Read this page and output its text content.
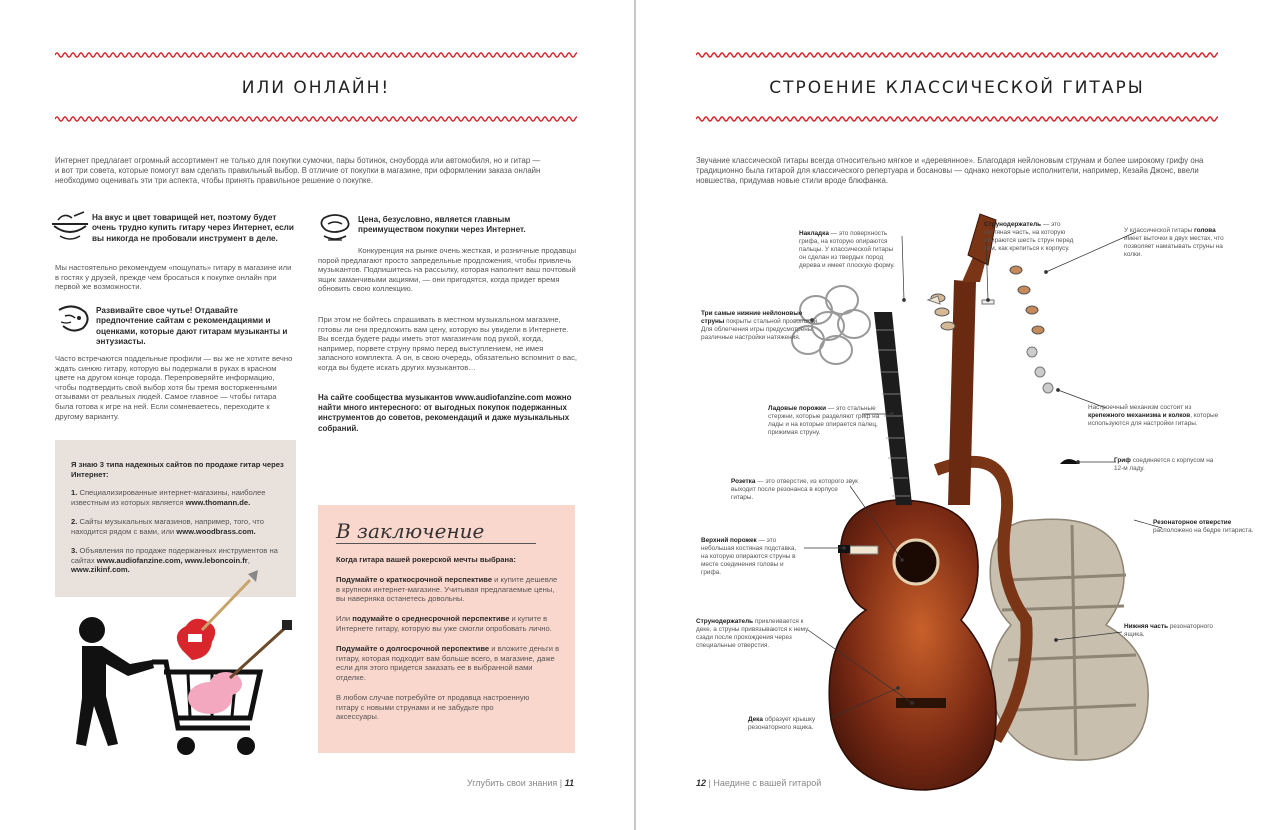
ИЛИ ОНЛАЙН!
Интернет предлагает огромный ассортимент не только для покупки сумочки, пары ботинок, сноуборда или автомобиля, но и гитар — и вот три совета, которые помогут вам сделать правильный выбор. В отличие от покупки в магазине, при оформлении заказа онлайн необходимо оценивать эти три аспекта, чтобы принять правильное решение о покупке.
На вкус и цвет товарищей нет, поэтому будет очень трудно купить гитару через Интернет, если вы никогда не пробовали инструмент в деле.
Мы настоятельно рекомендуем «пощупать» гитару в магазине или в гостях у друзей, прежде чем бросаться к покупке онлайн при первой же возможности.
Развивайте свое чутье! Отдавайте предпочтение сайтам с рекомендациями и оценками, которые дают гитарам музыканты и энтузиасты.
Часто встречаются поддельные профили — вы же не хотите вечно ждать синюю гитару, которую вы подержали в руках в красном цвете на другом конце города. Перепроверяйте информацию, чтобы подтвердить свой выбор хотя бы тремя восторженными отзывами от реальных людей. Самое главное — чтобы гитара была готова к игре на ней. Если сомневаетесь, переходите к другому варианту.
Цена, безусловно, является главным преимуществом покупки через Интернет.
Конкуренция на рынке очень жесткая, и розничные продавцы порой предлагают просто запредельные продложения, чтобы привлечь музыкантов. Подпишитесь на рассылку, которая наполнит ваш почтовый ящик заманчивыми акциями, — они пригодятся, когда придет время обновить свою коллекцию.
При этом не бойтесь спрашивать в местном музыкальном магазине, готовы ли они предложить вам цену, которую вы увидели в Интернете. Вы всегда будете рады иметь этот магазинчик под рукой, когда, например, порвете струну прямо перед выступлением, не имея запасного комплекта. А он, в свою очередь, обязательно вспомнит о вас, когда вы будете искать других музыкантов…
На сайте сообщества музыкантов www.audiofanzine.com можно найти много интересного: от выгодных покупок подержанных инструментов до советов, рекомендаций и даже музыкальных собраний.
Я знаю 3 типа надежных сайтов по продаже гитар через Интернет:
1. Специализированные интернет-магазины, наиболее известным из которых является www.thomann.de.
2. Сайты музыкальных магазинов, например, того, что находится рядом с вами, или www.woodbrass.com.
3. Объявления по продаже подержанных инструментов на сайтах www.audiofanzine.com, www.leboncoin.fr, www.zikinf.com.
В заключение
Когда гитара вашей рокерской мечты выбрана:
Подумайте о краткосрочной перспективе и купите дешевле в крупном интернет-магазине. Учитывая предлагаемые цены, вы наверняка останетесь довольны.
Или подумайте о среднесрочной перспективе и купите в Интернете гитару, которую вы уже смогли опробовать лично.
Подумайте о долгосрочной перспективе и вложите деньги в гитару, которая подходит вам больше всего, в магазине, даже если для этого придется заказать ее в выбранной вами отделке.
В любом случае потребуйте от продавца настроенную гитару с новыми струнами и не забудьте про аксессуары.
Углубить свои знания | 11
СТРОЕНИЕ КЛАССИЧЕСКОЙ ГИТАРЫ
Звучание классической гитары всегда относительно мягкое и «деревянное». Благодаря нейлоновым струнам и более широкому грифу она традиционно была гитарой для классического репертуара и босановы — однако некоторые исполнители, например, Кезайа Джонс, ввели новшества, придумав новые стили вроде блюфанка.
Накладка — это поверхность грифа, на которую опираются пальцы. У классической гитары он сделан из твердых пород дерева и имеет плоскую форму.
Струнодержатель — это костяная часть, на которую опираются шесть струн перед тем, как крепиться к корпусу.
У классической гитары голова имеет выточки в двух местах, что позволяет наматывать струны на колки.
Три самые нижние нейлоновые струны покрыты стальной проволокой. Для облегчения игры предусмотрены различные настройки натяжения.
Ладовые порожки — это стальные стержни, которые разделяют гриф на лады и на которые опирается палец, прижимая струну.
Настроечный механизм состоит из крепежного механизма и колков, которые используются для настройки гитары.
Гриф соединяется с корпусом на 12-м ладу.
Розетка — это отверстие, из которого звук выходит после резонанса в корпусе гитары.
Резонаторное отверстие расположено на бедре гитариста.
Верхний порожек — это небольшая костяная подставка, на которую опираются струны в месте соединения головы и грифа.
Струнодержатель приклеивается к деке, а струны привязываются к нему сзади после прохождения через специальные отверстия.
Нижняя часть резонаторного ящика.
Дека образует крышку резонаторного ящика.
12 | Наедине с вашей гитарой
